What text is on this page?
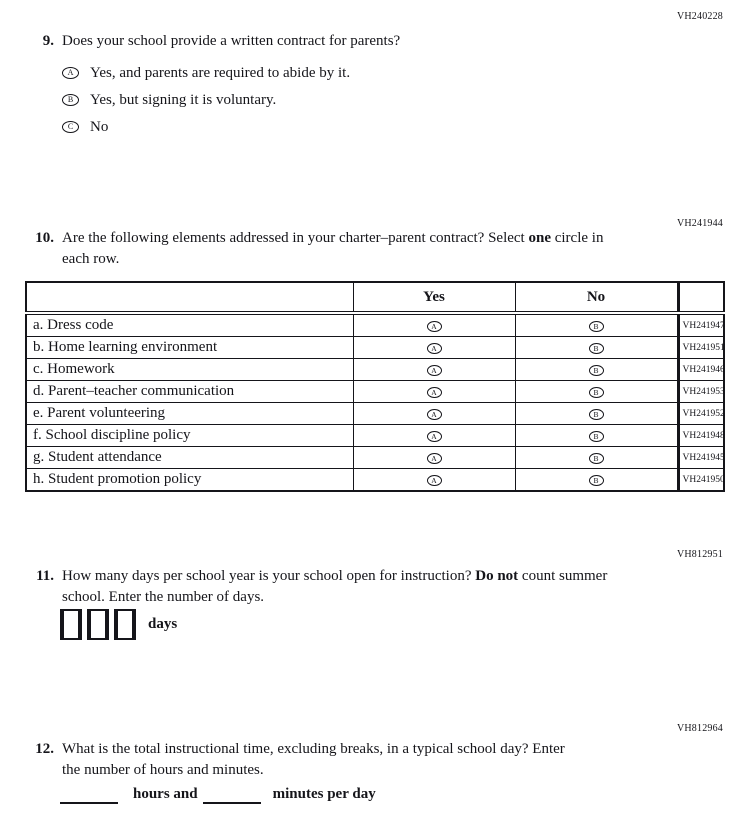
VH240228
9. Does your school provide a written contract for parents?
A	Yes, and parents are required to abide by it.
B	Yes, but signing it is voluntary.
C	No
VH241944
10. Are the following elements addressed in your charter–parent contract? Select one circle in each row.
	Yes	No	
a. Dress code	A	B	VH241947
b. Home learning environment	A	B	VH241951
c. Homework	A	B	VH241946
d. Parent–teacher communication	A	B	VH241953
e. Parent volunteering	A	B	VH241952
f. School discipline policy	A	B	VH241948
g. Student attendance	A	B	VH241945
h. Student promotion policy	A	B	VH241950
VH812951
11. How many days per school year is your school open for instruction? Do not count summer school. Enter the number of days.
days
VH812964
12. What is the total instructional time, excluding breaks, in a typical school day? Enter the number of hours and minutes.
hours and	minutes per day
